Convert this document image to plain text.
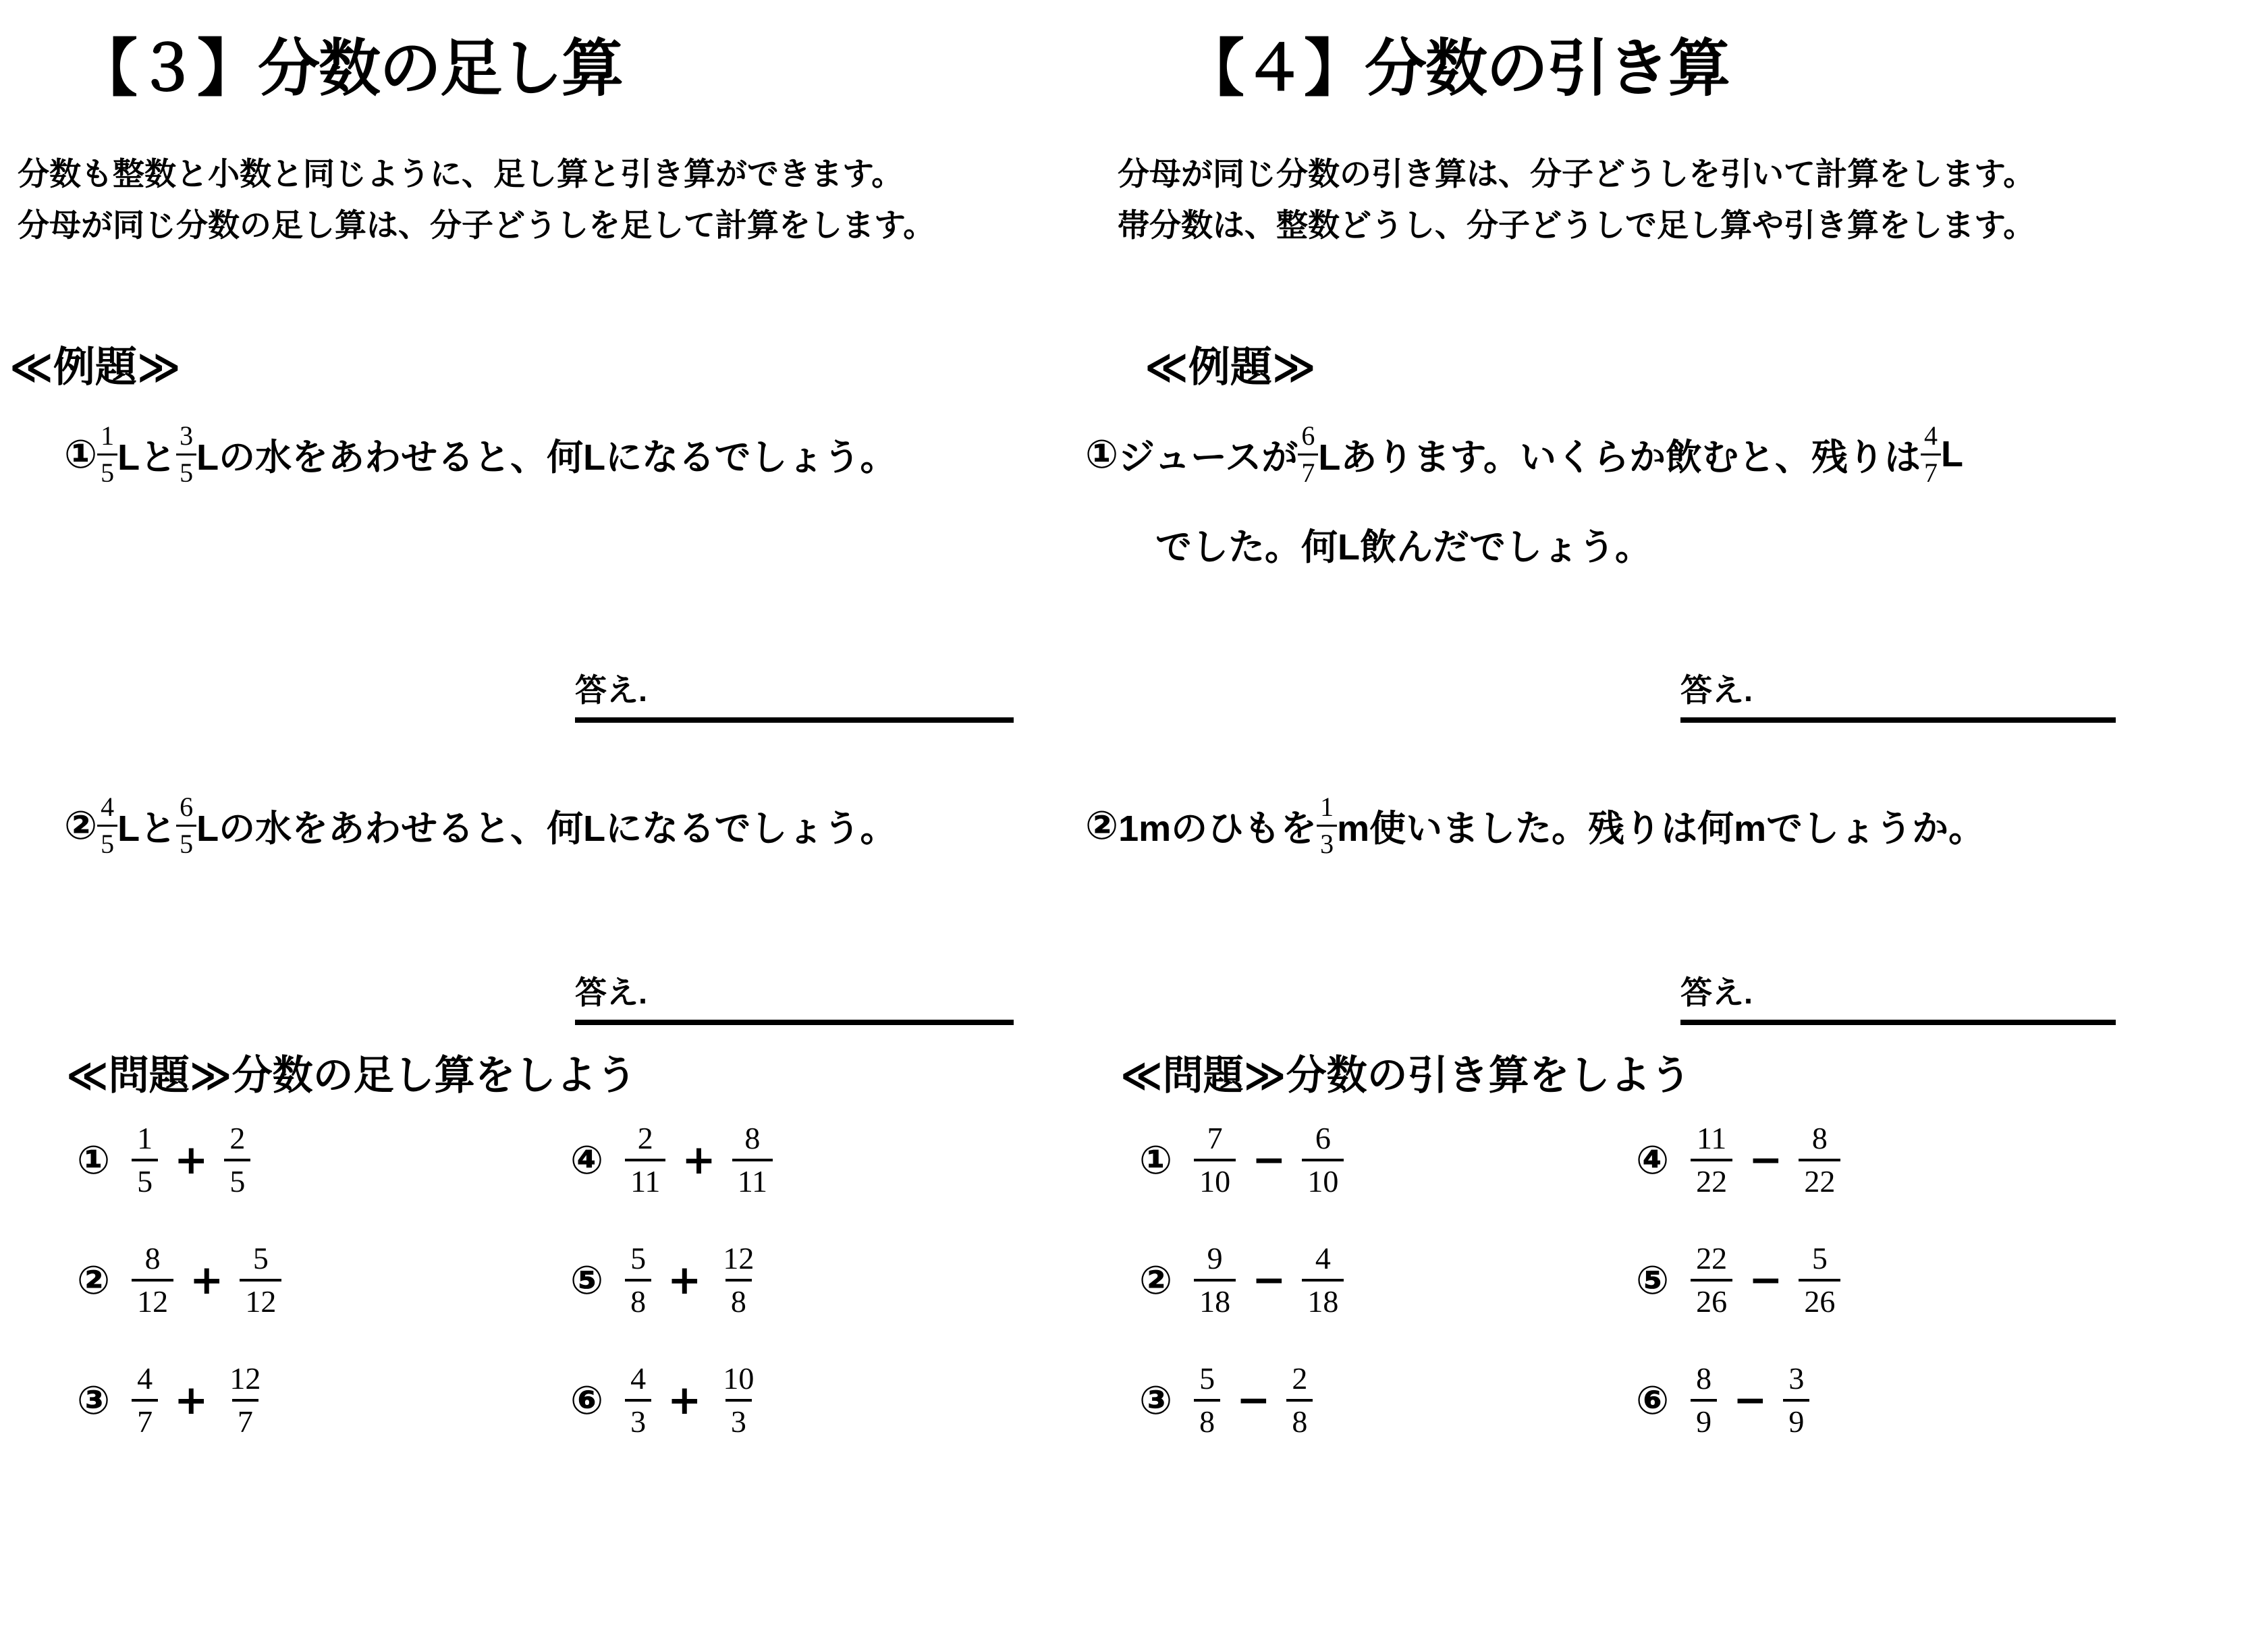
【３】分数の足し算
分数も整数と小数と同じように、足し算と引き算ができます。
分母が同じ分数の足し算は、分子どうしを足して計算をします。
≪例題≫
① $\frac{1}{5}$ Lと $\frac{3}{5}$ Lの水をあわせると、何Lになるでしょう。
答え.
② $\frac{4}{5}$ Lと $\frac{6}{5}$ Lの水をあわせると、何Lになるでしょう。
答え.
≪問題≫分数の足し算をしよう
① $\frac{1}{5} + \frac{2}{5}$
② $\frac{8}{12} + \frac{5}{12}$
③ $\frac{4}{7} + \frac{12}{7}$
④ $\frac{2}{11} + \frac{8}{11}$
⑤ $\frac{5}{8} + \frac{12}{8}$
⑥ $\frac{4}{3} + \frac{10}{3}$
【４】分数の引き算
分母が同じ分数の引き算は、分子どうしを引いて計算をします。
帯分数は、整数どうし、分子どうしで足し算や引き算をします。
≪例題≫
① ジュースが $\frac{6}{7}$ Lあります。いくらか飲むと、残りは $\frac{4}{7}$ L
でした。何L飲んだでしょう。
答え.
② 1mのひもを $\frac{1}{3}$ m使いました。残りは何mでしょうか。
答え.
≪問題≫分数の引き算をしよう
① $\frac{7}{10} - \frac{6}{10}$
② $\frac{9}{18} - \frac{4}{18}$
③ $\frac{5}{8} - \frac{2}{8}$
④ $\frac{11}{22} - \frac{8}{22}$
⑤ $\frac{22}{26} - \frac{5}{26}$
⑥ $\frac{8}{9} - \frac{3}{9}$
